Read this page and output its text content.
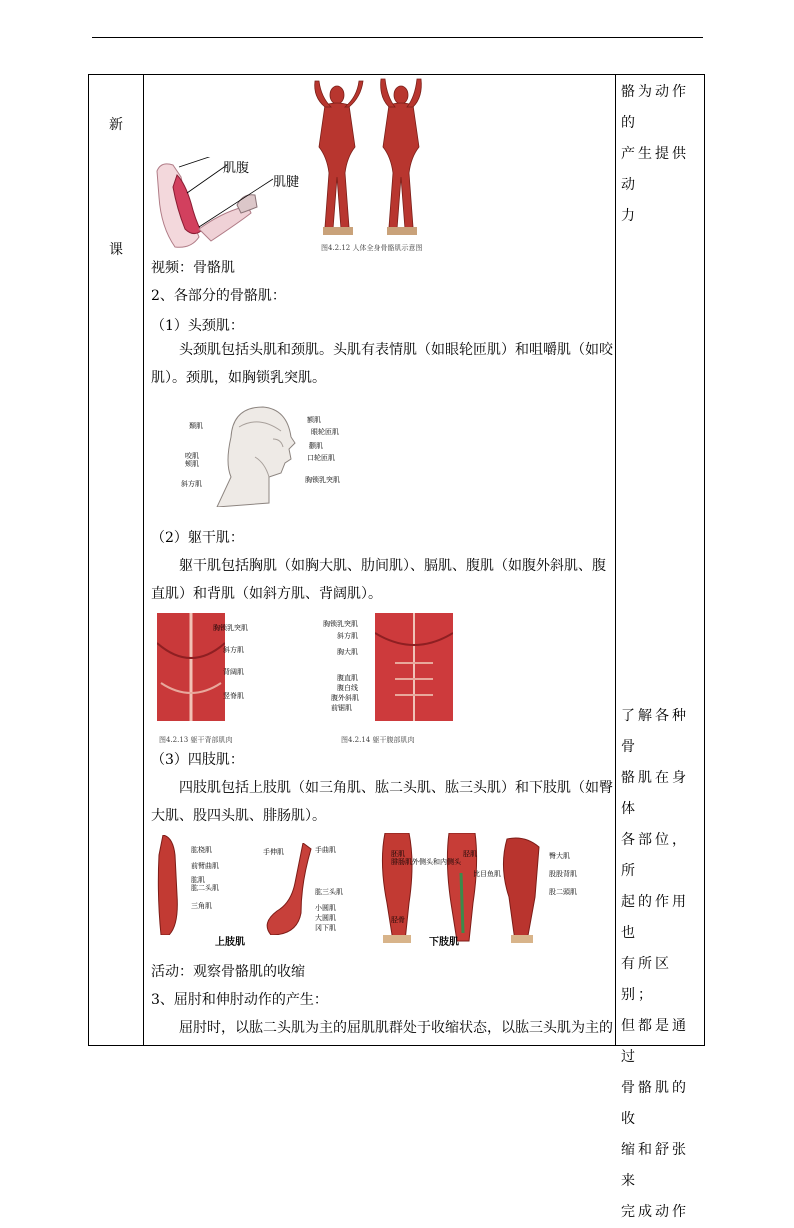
新
课
肌腹
肌腱
图4.2.12 人体全身骨骼肌示意图
视频：骨骼肌
2、各部分的骨骼肌：
（1）头颈肌：
头颈肌包括头肌和颈肌。头肌有表情肌（如眼轮匝肌）和咀嚼肌（如咬
肌）。颈肌，如胸锁乳突肌。
颞肌
咬肌
颊肌
斜方肌
额肌
眼轮匝肌
颧肌
口轮匝肌
胸锁乳突肌
（2）躯干肌：
躯干肌包括胸肌（如胸大肌、肋间肌）、膈肌、腹肌（如腹外斜肌、腹
直肌）和背肌（如斜方肌、背阔肌）。
胸锁乳突肌
斜方肌
背阔肌
竖脊肌
图4.2.13 躯干背部肌肉
胸锁乳突肌
斜方肌
胸大肌
腹直肌
腹白线
腹外斜肌
前锯肌
图4.2.14 躯干腹部肌肉
（3）四肢肌：
四肢肌包括上肢肌（如三角肌、肱二头肌、肱三头肌）和下肢肌（如臀
大肌、股四头肌、腓肠肌）。
肱桡肌
前臂曲肌
肱肌
肱二头肌
三角肌
手伸肌	手曲肌
肱三头肌
小圆肌
大圆肌
冈下肌
上肢肌
胚肌
腓肠肌外侧头和内侧头
胫骨
胫肌
比目鱼肌
臀大肌
股股背肌
股二頭肌
下肢肌
活动：观察骨骼肌的收缩
3、屈肘和伸肘动作的产生：
屈肘时，以肱二头肌为主的屈肌肌群处于收缩状态，以肱三头肌为主的
骼为动作的
产生提供动
力
了解各种骨
骼肌在身体
各部位，所
起的作用也
有所区别；
但都是通过
骨骼肌的收
缩和舒张来
完成动作
